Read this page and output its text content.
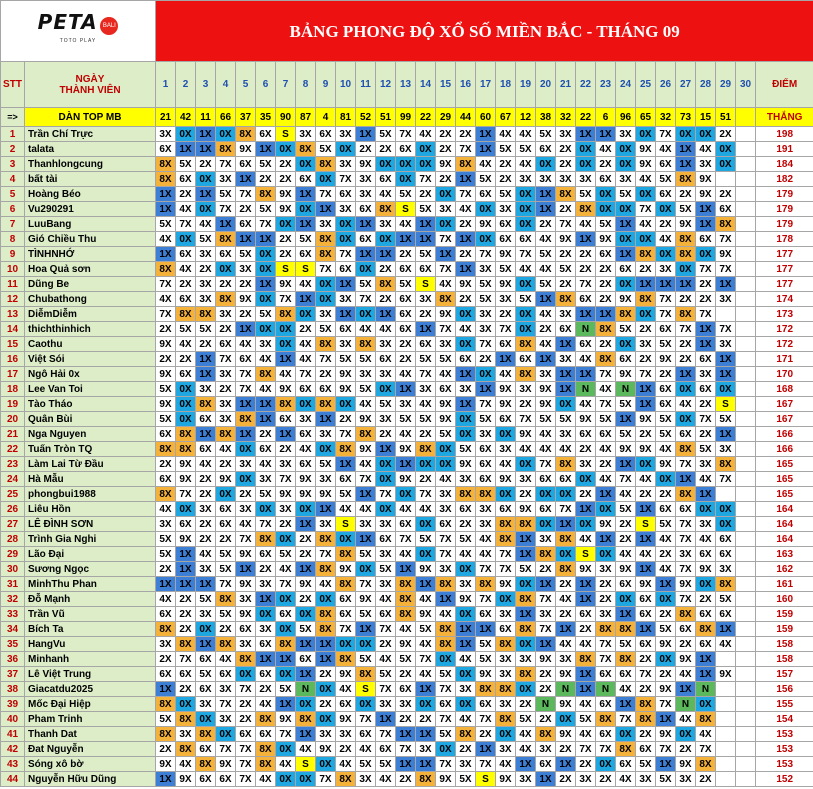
PETA BALI
TOTO PLAY		BẢNG PHONG ĐỘ XỔ SỐ MIỀN BẮC - THÁNG 09																														
STT	NGÀY
THÀNH VIÊN	1	2	3	4	5	6	7	8	9	10	11	12	13	14	15	16	17	18	19	20	21	22	23	24	25	26	27	28	29	30	ĐIỂM
=>	DÀN TOP MB	21	42	11	66	37	35	90	87	4	81	52	51	99	22	29	44	60	67	12	38	32	22	6	96	65	32	73	15	51		THẮNG
1	Trần Chí Trực	3X	0X	1X	0X	8X	6X	S	3X	6X	3X	1X	5X	7X	4X	2X	2X	1X	4X	4X	5X	3X	1X	1X	3X	0X	7X	0X	0X	2X		198
2	talata	6X	1X	1X	8X	9X	1X	0X	8X	5X	0X	2X	2X	6X	0X	2X	7X	1X	5X	5X	6X	2X	0X	4X	0X	9X	4X	1X	4X	0X		191
3	Thanhlongcung	8X	5X	2X	7X	6X	5X	2X	0X	8X	3X	9X	0X	0X	0X	9X	8X	4X	2X	4X	0X	2X	0X	2X	0X	9X	6X	1X	3X	0X		184
4	bất tài	8X	6X	0X	3X	1X	2X	2X	6X	0X	7X	3X	6X	0X	7X	2X	1X	5X	2X	3X	3X	3X	3X	6X	3X	4X	5X	8X	9X			182
5	Hoàng Béo	1X	2X	1X	5X	7X	8X	9X	1X	7X	6X	3X	4X	5X	2X	0X	7X	6X	5X	0X	1X	8X	5X	0X	5X	0X	6X	2X	9X	2X		179
6	Vu290291	1X	4X	0X	7X	2X	5X	9X	0X	1X	3X	6X	8X	S	5X	3X	4X	0X	3X	0X	1X	2X	8X	0X	0X	7X	0X	5X	1X	6X		179
7	LuuBang	5X	7X	4X	1X	6X	7X	0X	1X	3X	0X	1X	3X	4X	1X	0X	2X	9X	6X	0X	2X	7X	4X	5X	1X	4X	2X	9X	1X	8X		179
8	Gió Chiều Thu	4X	0X	5X	8X	1X	1X	2X	5X	8X	0X	6X	0X	1X	1X	7X	1X	0X	6X	6X	4X	9X	1X	9X	0X	0X	4X	8X	6X	7X		178
9	TÌNHNHỚ	1X	6X	3X	6X	5X	0X	2X	6X	8X	7X	1X	1X	2X	5X	1X	2X	7X	9X	7X	5X	2X	2X	6X	1X	8X	0X	8X	0X	9X		177
10	Hoa Quả sơn	8X	4X	2X	0X	3X	0X	S	S	7X	6X	0X	2X	6X	6X	7X	1X	3X	5X	4X	4X	5X	2X	2X	6X	2X	3X	0X	7X	7X		177
11	Dũng Be	7X	2X	3X	2X	2X	1X	9X	4X	0X	1X	5X	8X	5X	S	4X	9X	5X	9X	0X	5X	2X	7X	2X	0X	1X	1X	1X	2X	1X		177
12	Chubathong	4X	6X	3X	8X	9X	0X	7X	1X	0X	3X	7X	2X	6X	3X	8X	2X	5X	3X	5X	1X	8X	6X	2X	9X	8X	7X	2X	2X	3X		174
13	DiễmDiễm	7X	8X	8X	3X	2X	5X	8X	0X	3X	1X	0X	1X	6X	2X	9X	0X	3X	2X	0X	4X	3X	1X	1X	8X	0X	7X	8X	7X			173
14	thichthinhich	2X	5X	5X	2X	1X	0X	0X	2X	5X	6X	4X	4X	6X	1X	7X	4X	3X	7X	0X	2X	6X	N	8X	5X	2X	6X	7X	1X	7X		172
15	Caothu	9X	4X	2X	6X	4X	3X	0X	4X	8X	3X	8X	3X	2X	6X	3X	0X	7X	6X	8X	4X	1X	6X	2X	0X	3X	5X	2X	1X	3X		172
16	Việt Sói	2X	2X	1X	7X	6X	4X	1X	4X	7X	5X	5X	6X	2X	5X	5X	6X	2X	1X	6X	1X	3X	4X	8X	6X	2X	9X	2X	6X	1X		171
17	Ngô Hải 0x	9X	6X	1X	3X	7X	8X	4X	7X	2X	9X	3X	3X	4X	7X	4X	1X	0X	4X	8X	3X	1X	1X	7X	9X	7X	2X	1X	3X	1X		170
18	Lee Van Toi	5X	0X	3X	2X	7X	4X	9X	6X	6X	9X	5X	0X	1X	3X	6X	3X	1X	9X	3X	9X	1X	N	4X	N	1X	6X	0X	6X	0X		168
19	Tào Tháo	9X	0X	8X	3X	1X	1X	8X	0X	8X	0X	4X	5X	3X	4X	9X	1X	7X	9X	2X	9X	0X	4X	7X	5X	1X	6X	4X	2X	S		167
20	Quân Bùi	5X	0X	6X	3X	8X	1X	6X	3X	1X	2X	9X	3X	5X	5X	9X	0X	5X	6X	7X	5X	5X	9X	5X	1X	9X	5X	0X	7X	5X		167
21	Nga Nguyen	6X	8X	1X	8X	1X	2X	1X	6X	3X	7X	8X	2X	4X	2X	5X	0X	3X	0X	9X	4X	3X	6X	6X	5X	2X	5X	6X	2X	1X		166
22	Tuấn Tròn TQ	8X	8X	6X	4X	0X	6X	2X	4X	0X	8X	9X	1X	9X	8X	0X	5X	6X	3X	4X	4X	4X	2X	4X	9X	9X	4X	8X	5X	3X		166
23	Làm Lai Từ Đầu	2X	9X	4X	2X	3X	4X	3X	6X	5X	1X	4X	0X	1X	0X	0X	9X	6X	4X	0X	7X	8X	3X	2X	1X	0X	9X	7X	3X	8X		165
24	Hà Mẫu	6X	9X	2X	9X	0X	3X	7X	9X	3X	6X	7X	0X	9X	2X	4X	3X	6X	9X	3X	6X	6X	0X	4X	7X	4X	0X	1X	4X	7X		165
25	phongbui1988	8X	7X	2X	0X	2X	5X	9X	9X	9X	5X	1X	7X	0X	7X	3X	8X	8X	0X	2X	0X	0X	2X	1X	4X	2X	2X	8X	1X			165
26	Liêu Hồn	4X	0X	3X	6X	3X	0X	3X	0X	1X	4X	4X	0X	4X	4X	3X	6X	3X	6X	9X	6X	7X	1X	0X	5X	1X	6X	6X	0X	0X		164
27	LÊ ĐÌNH SƠN	3X	6X	2X	6X	4X	7X	2X	1X	3X	S	3X	3X	6X	0X	6X	2X	3X	8X	8X	0X	1X	0X	9X	2X	S	5X	7X	3X	0X		164
28	Trình Gia Nghi	5X	9X	2X	2X	7X	8X	0X	2X	8X	0X	1X	6X	7X	5X	7X	5X	4X	8X	1X	3X	8X	4X	1X	2X	1X	4X	7X	4X	6X		164
29	Lão Đại	5X	1X	4X	5X	9X	6X	5X	2X	7X	8X	5X	3X	4X	0X	7X	4X	4X	7X	1X	8X	0X	S	0X	4X	4X	2X	3X	6X	6X		163
30	Sương Ngọc	2X	1X	3X	5X	1X	2X	4X	1X	8X	9X	0X	5X	1X	9X	3X	0X	7X	7X	5X	2X	8X	9X	3X	9X	1X	4X	7X	9X	3X		162
31	MinhThu Phan	1X	1X	1X	7X	9X	3X	7X	9X	4X	8X	7X	3X	8X	1X	8X	3X	8X	9X	0X	1X	2X	1X	2X	6X	9X	1X	9X	0X	8X		161
32	Đỗ Mạnh	4X	2X	5X	8X	3X	1X	0X	2X	0X	6X	9X	4X	8X	4X	1X	9X	7X	0X	8X	7X	4X	1X	2X	0X	6X	0X	7X	2X	5X		160
33	Trần Vũ	6X	2X	3X	5X	9X	0X	6X	0X	8X	6X	5X	6X	8X	9X	4X	0X	6X	3X	1X	3X	2X	6X	3X	1X	6X	2X	8X	6X	6X		159
34	Bích Ta	8X	2X	0X	2X	6X	3X	0X	5X	8X	7X	1X	7X	4X	5X	8X	1X	1X	6X	8X	7X	1X	2X	8X	8X	1X	5X	6X	8X	1X		159
35	HangVu	3X	8X	1X	8X	3X	6X	8X	1X	1X	0X	0X	2X	9X	4X	8X	1X	5X	8X	0X	1X	4X	4X	7X	5X	6X	9X	2X	6X	4X		158
36	Minhanh	2X	7X	6X	4X	8X	1X	1X	6X	1X	8X	5X	4X	5X	7X	0X	4X	5X	3X	3X	9X	3X	8X	7X	8X	2X	0X	9X	1X			158
37	Lê Việt Trung	6X	6X	5X	6X	0X	6X	0X	1X	2X	9X	8X	5X	2X	4X	5X	0X	9X	3X	8X	2X	9X	1X	6X	6X	7X	2X	4X	1X	9X		157
38	Giacatdu2025	1X	2X	6X	3X	7X	2X	5X	N	0X	4X	S	7X	6X	1X	7X	3X	8X	8X	0X	2X	N	1X	N	4X	2X	9X	1X	N			156
39	Mốc Đại Hiệp	8X	0X	3X	7X	2X	4X	1X	0X	2X	6X	0X	3X	3X	0X	6X	0X	6X	3X	2X	N	9X	4X	6X	1X	8X	7X	N	0X			155
40	Pham Trinh	5X	8X	0X	3X	2X	8X	9X	8X	0X	9X	7X	1X	2X	2X	7X	4X	7X	8X	5X	2X	0X	5X	8X	7X	8X	1X	4X	8X			154
41	Thanh Dat	8X	3X	8X	0X	6X	6X	7X	1X	3X	3X	6X	7X	1X	1X	5X	8X	2X	0X	4X	8X	9X	4X	6X	0X	2X	9X	0X	4X			153
42	Đat Nguyễn	2X	8X	6X	7X	7X	8X	0X	4X	9X	2X	4X	6X	7X	3X	0X	2X	1X	3X	4X	3X	2X	7X	7X	8X	6X	7X	2X	7X			153
43	Sóng xô bờ	9X	4X	8X	9X	7X	8X	4X	S	0X	4X	5X	5X	1X	1X	7X	3X	7X	4X	1X	6X	1X	2X	0X	6X	5X	1X	9X	8X			153
44	Nguyễn Hữu Dũng	1X	9X	6X	6X	7X	4X	0X	0X	7X	8X	3X	4X	2X	8X	9X	5X	S	9X	3X	1X	2X	3X	2X	4X	3X	5X	3X	2X			152
